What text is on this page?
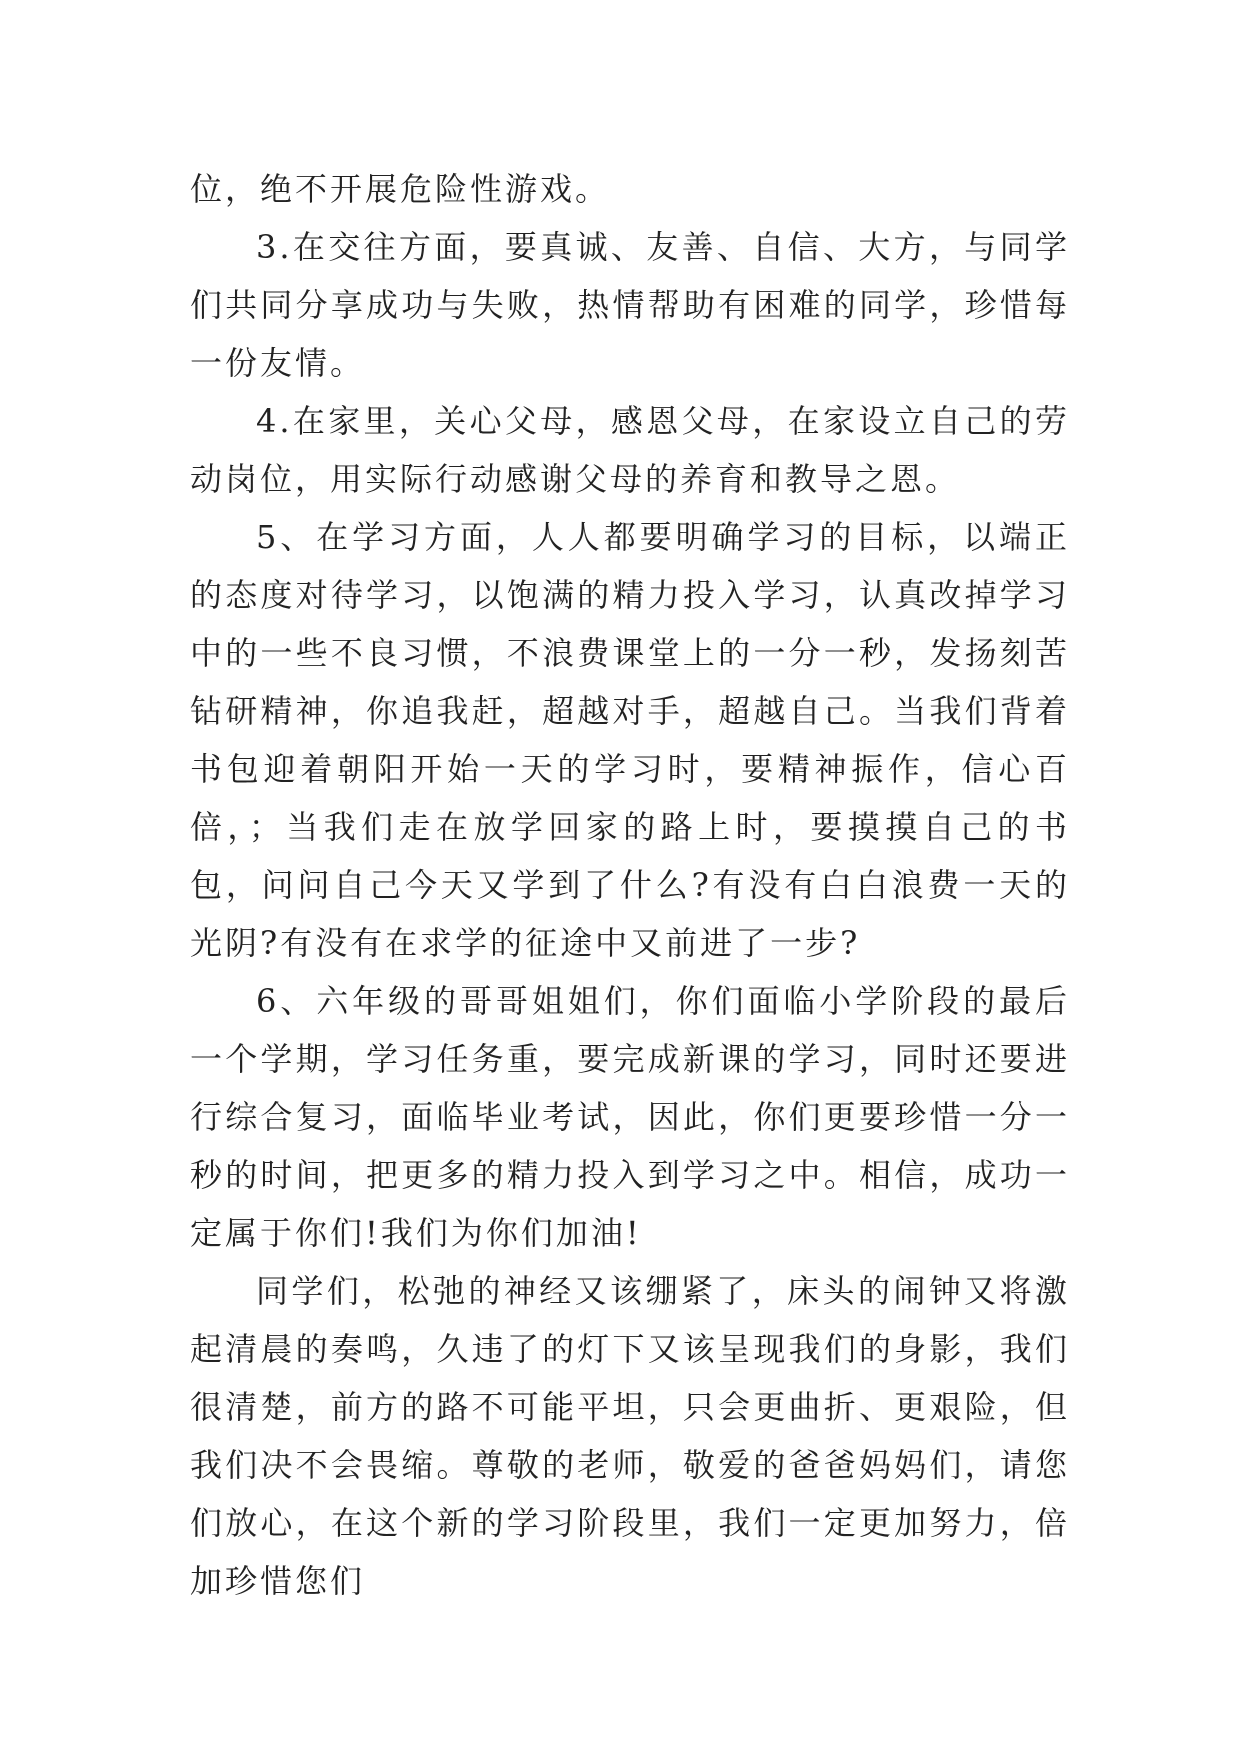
位，绝不开展危险性游戏。

3.在交往方面，要真诚、友善、自信、大方，与同学们共同分享成功与失败，热情帮助有困难的同学，珍惜每一份友情。

4.在家里，关心父母，感恩父母，在家设立自己的劳动岗位，用实际行动感谢父母的养育和教导之恩。

5、在学习方面，人人都要明确学习的目标，以端正的态度对待学习，以饱满的精力投入学习，认真改掉学习中的一些不良习惯，不浪费课堂上的一分一秒，发扬刻苦钻研精神，你追我赶，超越对手，超越自己。当我们背着书包迎着朝阳开始一天的学习时，要精神振作，信心百倍，；当我们走在放学回家的路上时，要摸摸自己的书包，问问自己今天又学到了什么?有没有白白浪费一天的光阴?有没有在求学的征途中又前进了一步?

6、六年级的哥哥姐姐们，你们面临小学阶段的最后一个学期，学习任务重，要完成新课的学习，同时还要进行综合复习，面临毕业考试，因此，你们更要珍惜一分一秒的时间，把更多的精力投入到学习之中。相信，成功一定属于你们!我们为你们加油!

同学们，松弛的神经又该绷紧了，床头的闹钟又将激起清晨的奏鸣，久违了的灯下又该呈现我们的身影，我们很清楚，前方的路不可能平坦，只会更曲折、更艰险，但我们决不会畏缩。尊敬的老师，敬爱的爸爸妈妈们，请您们放心，在这个新的学习阶段里，我们一定更加努力，倍加珍惜您们
